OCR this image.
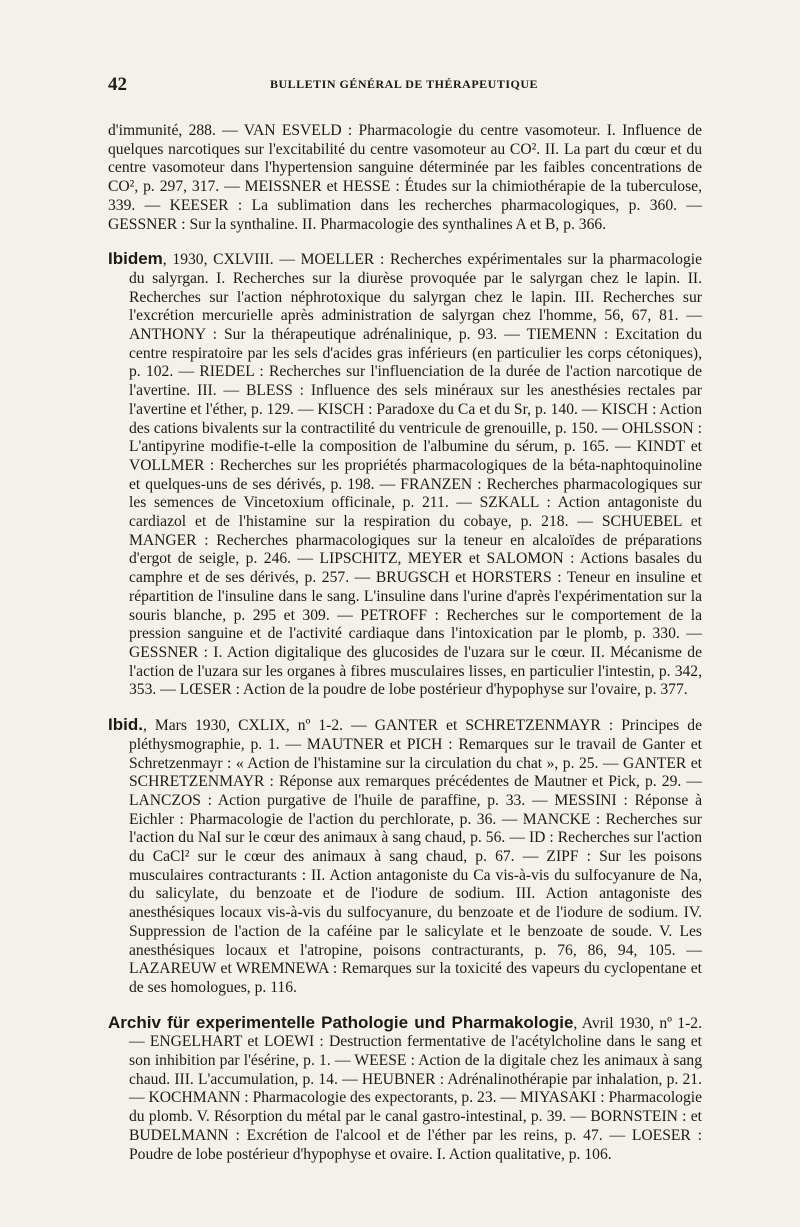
42	BULLETIN GÉNÉRAL DE THÉRAPEUTIQUE

d'immunité, 288. — VAN ESVELD : Pharmacologie du centre vasomoteur. I. Influence de quelques narcotiques sur l'excitabilité du centre vasomoteur au CO². II. La part du cœur et du centre vasomoteur dans l'hypertension sanguine déterminée par les faibles concentrations de CO², p. 297, 317. — MEISSNER et HESSE : Études sur la chimiothérapie de la tuberculose, 339. — KEESER : La sublimation dans les recherches pharmacologiques, p. 360. — GESSNER : Sur la synthaline. II. Pharmacologie des synthalines A et B, p. 366.

Ibidem, 1930, CXLVIII. — MOELLER : Recherches expérimentales sur la pharmacologie du salyrgan. I. Recherches sur la diurèse provoquée par le salyrgan chez le lapin. II. Recherches sur l'action néphrotoxique du salyrgan chez le lapin. III. Recherches sur l'excrétion mercurielle après administration de salyrgan chez l'homme, 56, 67, 81. — ANTHONY : Sur la thérapeutique adrénalinique, p. 93. — TIEMENN : Excitation du centre respiratoire par les sels d'acides gras inférieurs (en particulier les corps cétoniques), p. 102. — RIEDEL : Recherches sur l'influenciation de la durée de l'action narcotique de l'avertine. III. — BLESS : Influence des sels minéraux sur les anesthésies rectales par l'avertine et l'éther, p. 129. — KISCH : Paradoxe du Ca et du Sr, p. 140. — KISCH : Action des cations bivalents sur la contractilité du ventricule de grenouille, p. 150. — OHLSSON : L'antipyrine modifie-t-elle la composition de l'albumine du sérum, p. 165. — KINDT et VOLLMER : Recherches sur les propriétés pharmacologiques de la béta-naphtoquinoline et quelques-uns de ses dérivés, p. 198. — FRANZEN : Recherches pharmacologiques sur les semences de Vincetoxium officinale, p. 211. — SZKALL : Action antagoniste du cardiazol et de l'histamine sur la respiration du cobaye, p. 218. — SCHUEBEL et MANGER : Recherches pharmacologiques sur la teneur en alcaloïdes de préparations d'ergot de seigle, p. 246. — LIPSCHITZ, MEYER et SALOMON : Actions basales du camphre et de ses dérivés, p. 257. — BRUGSCH et HORSTERS : Teneur en insuline et répartition de l'insuline dans le sang. L'insuline dans l'urine d'après l'expérimentation sur la souris blanche, p. 295 et 309. — PETROFF : Recherches sur le comportement de la pression sanguine et de l'activité cardiaque dans l'intoxication par le plomb, p. 330. — GESSNER : I. Action digitalique des glucosides de l'uzara sur le cœur. II. Mécanisme de l'action de l'uzara sur les organes à fibres musculaires lisses, en particulier l'intestin, p. 342, 353. — LŒSER : Action de la poudre de lobe postérieur d'hypophyse sur l'ovaire, p. 377.

Ibid., Mars 1930, CXLIX, nº 1-2. — GANTER et SCHRETZENMAYR : Principes de pléthysmographie, p. 1. — MAUTNER et PICH : Remarques sur le travail de Ganter et Schretzenmayr : « Action de l'histamine sur la circulation du chat », p. 25. — GANTER et SCHRETZENMAYR : Réponse aux remarques précédentes de Mautner et Pick, p. 29. — LANCZOS : Action purgative de l'huile de paraffine, p. 33. — MESSINI : Réponse à Eichler : Pharmacologie de l'action du perchlorate, p. 36. — MANCKE : Recherches sur l'action du NaI sur le cœur des animaux à sang chaud, p. 56. — ID : Recherches sur l'action du CaCl² sur le cœur des animaux à sang chaud, p. 67. — ZIPF : Sur les poisons musculaires contracturants : II. Action antagoniste du Ca vis-à-vis du sulfocyanure de Na, du salicylate, du benzoate et de l'iodure de sodium. III. Action antagoniste des anesthésiques locaux vis-à-vis du sulfocyanure, du benzoate et de l'iodure de sodium. IV. Suppression de l'action de la caféine par le salicylate et le benzoate de soude. V. Les anesthésiques locaux et l'atropine, poisons contracturants, p. 76, 86, 94, 105. — LAZAREUW et WREMNEWA : Remarques sur la toxicité des vapeurs du cyclopentane et de ses homologues, p. 116.

Archiv für experimentelle Pathologie und Pharmakologie, Avril 1930, nº 1-2. — ENGELHART et LOEWI : Destruction fermentative de l'acétylcholine dans le sang et son inhibition par l'ésérine, p. 1. — WEESE : Action de la digitale chez les animaux à sang chaud. III. L'accumulation, p. 14. — HEUBNER : Adrénalinothérapie par inhalation, p. 21. — KOCHMANN : Pharmacologie des expectorants, p. 23. — MIYASAKI : Pharmacologie du plomb. V. Résorption du métal par le canal gastro-intestinal, p. 39. — BORNSTEIN : et BUDELMANN : Excrétion de l'alcool et de l'éther par les reins, p. 47. — LOESER : Poudre de lobe postérieur d'hypophyse et ovaire. I. Action qualitative, p. 106.
